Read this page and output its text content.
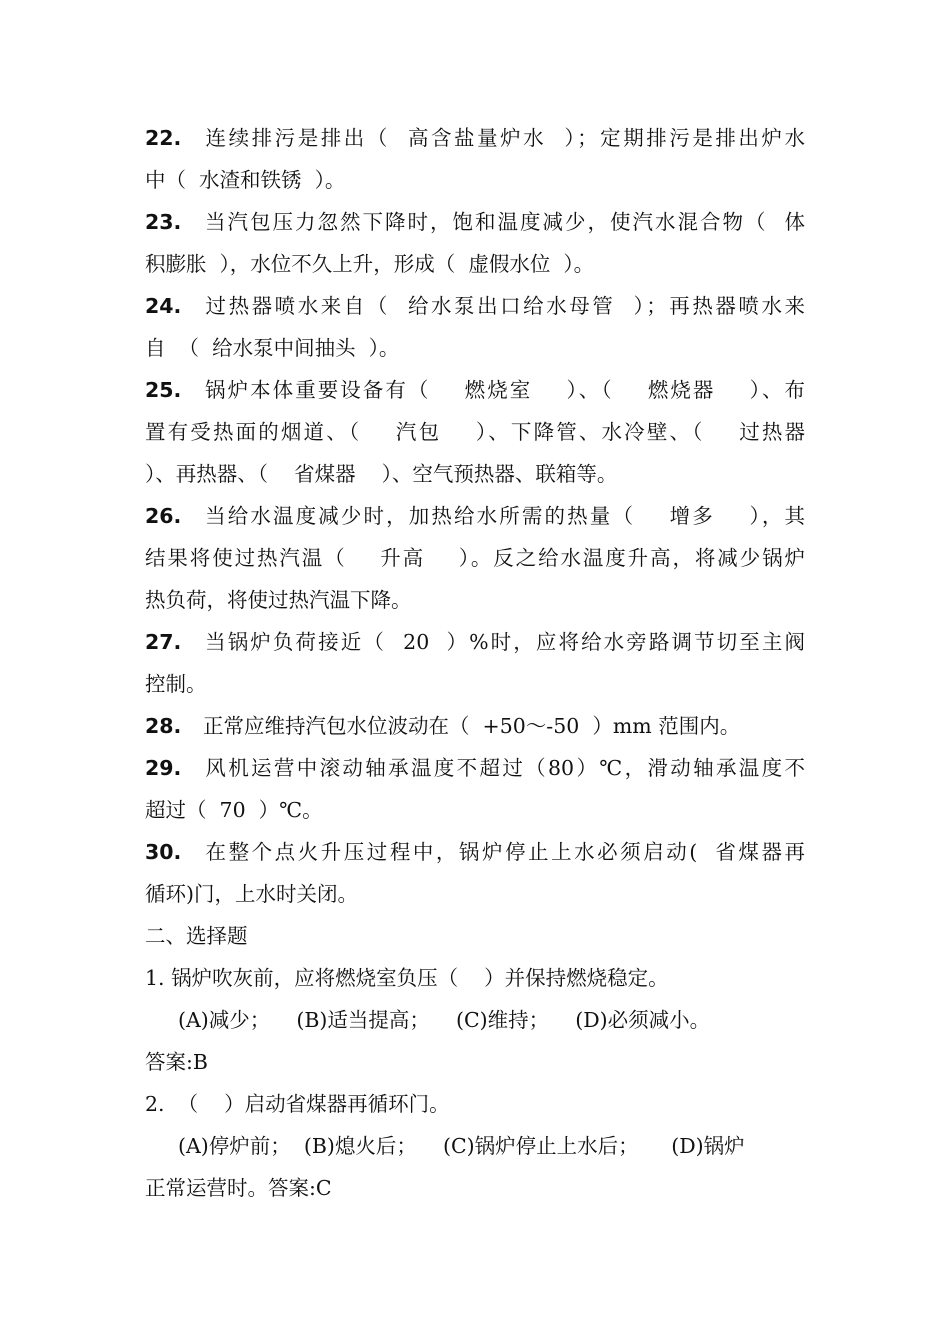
22. 连续排污是排出（  高含盐量炉水  ）；定期排污是排出炉水
中（  水渣和铁锈  ）。
23. 当汽包压力忽然下降时，饱和温度减少，使汽水混合物（  体
积膨胀  ），水位不久上升，形成（  虚假水位  ）。
24. 过热器喷水来自（  给水泵出口给水母管  ）；再热器喷水来
自  （  给水泵中间抽头  ）。
25. 锅炉本体重要设备有（    燃烧室    ）、（    燃烧器    ）、布
置有受热面的烟道、（    汽包    ）、下降管、水冷壁、（    过热器
）、再热器、（    省煤器    ）、空气预热器、联箱等。
26. 当给水温度减少时，加热给水所需的热量（    增多    ），其
结果将使过热汽温（    升高    ）。反之给水温度升高，将减少锅炉
热负荷，将使过热汽温下降。
27. 当锅炉负荷接近（  20  ）%时，应将给水旁路调节切至主阀
控制。
28. 正常应维持汽包水位波动在（  +50～-50  ）mm 范围内。
29. 风机运营中滚动轴承温度不超过（80）℃，滑动轴承温度不
超过（  70  ）℃。
30. 在整个点火升压过程中，锅炉停止上水必须启动(  省煤器再
循环)门，上水时关闭。
二、选择题
1. 锅炉吹灰前，应将燃烧室负压（    ）并保持燃烧稳定。
(A)减少；    (B)适当提高；    (C)维持；    (D)必须减小。
答案:B
2.  （    ）启动省煤器再循环门。
(A)停炉前；  (B)熄火后；    (C)锅炉停止上水后；     (D)锅炉
正常运营时。答案:C
